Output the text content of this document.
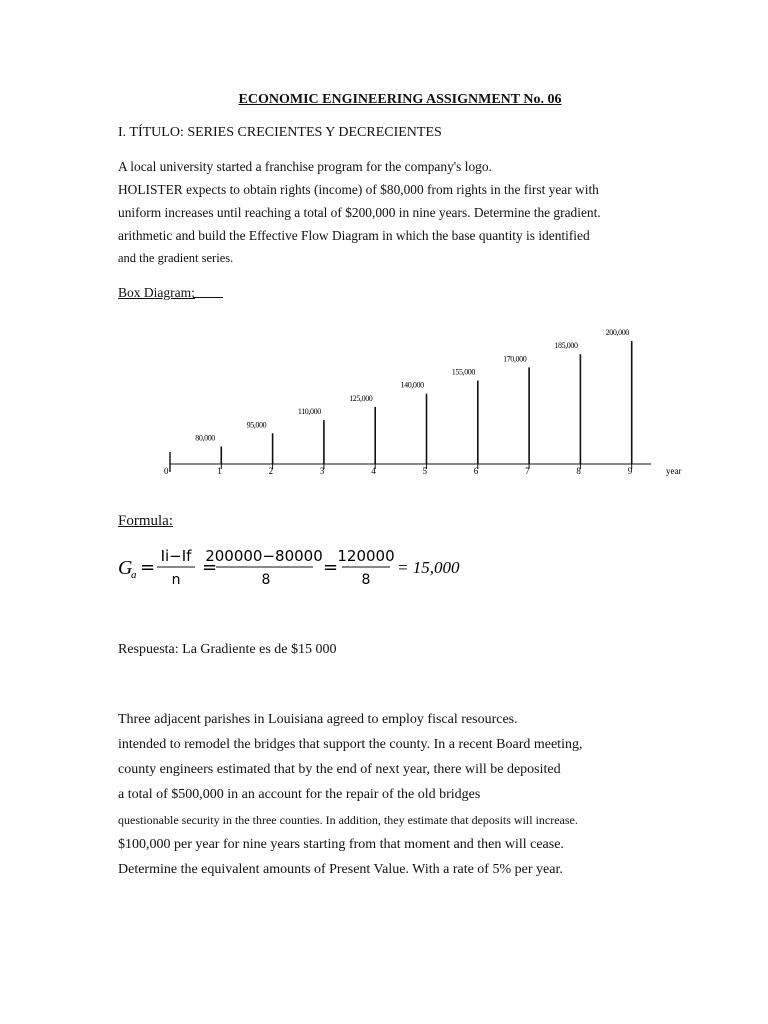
ECONOMIC ENGINEERING ASSIGNMENT No. 06
I. TÍTULO: SERIES CRECIENTES Y DECRECIENTES
A local university started a franchise program for the company's logo.
HOLISTER expects to obtain rights (income) of $80,000 from rights in the first year with
uniform increases until reaching a total of $200,000 in nine years. Determine the gradient.
arithmetic and build the Effective Flow Diagram in which the base quantity is identified
and the gradient series.
Box Diagram:
0	1	2	3	4	5	6	7	8	9
80,000
95,000
110,000
125,000
140,000
155,000
170,000
185,000
200,000
year
Formula:
G
a =
Ii−If
n
=
200000−80000
8
=
120000
8
= 15,000
Respuesta: La Gradiente es de $15 000
Three adjacent parishes in Louisiana agreed to employ fiscal resources.
intended to remodel the bridges that support the county. In a recent Board meeting,
county engineers estimated that by the end of next year, there will be deposited
a total of $500,000 in an account for the repair of the old bridges
questionable security in the three counties. In addition, they estimate that deposits will increase.
$100,000 per year for nine years starting from that moment and then will cease.
Determine the equivalent amounts of Present Value. With a rate of 5% per year.
